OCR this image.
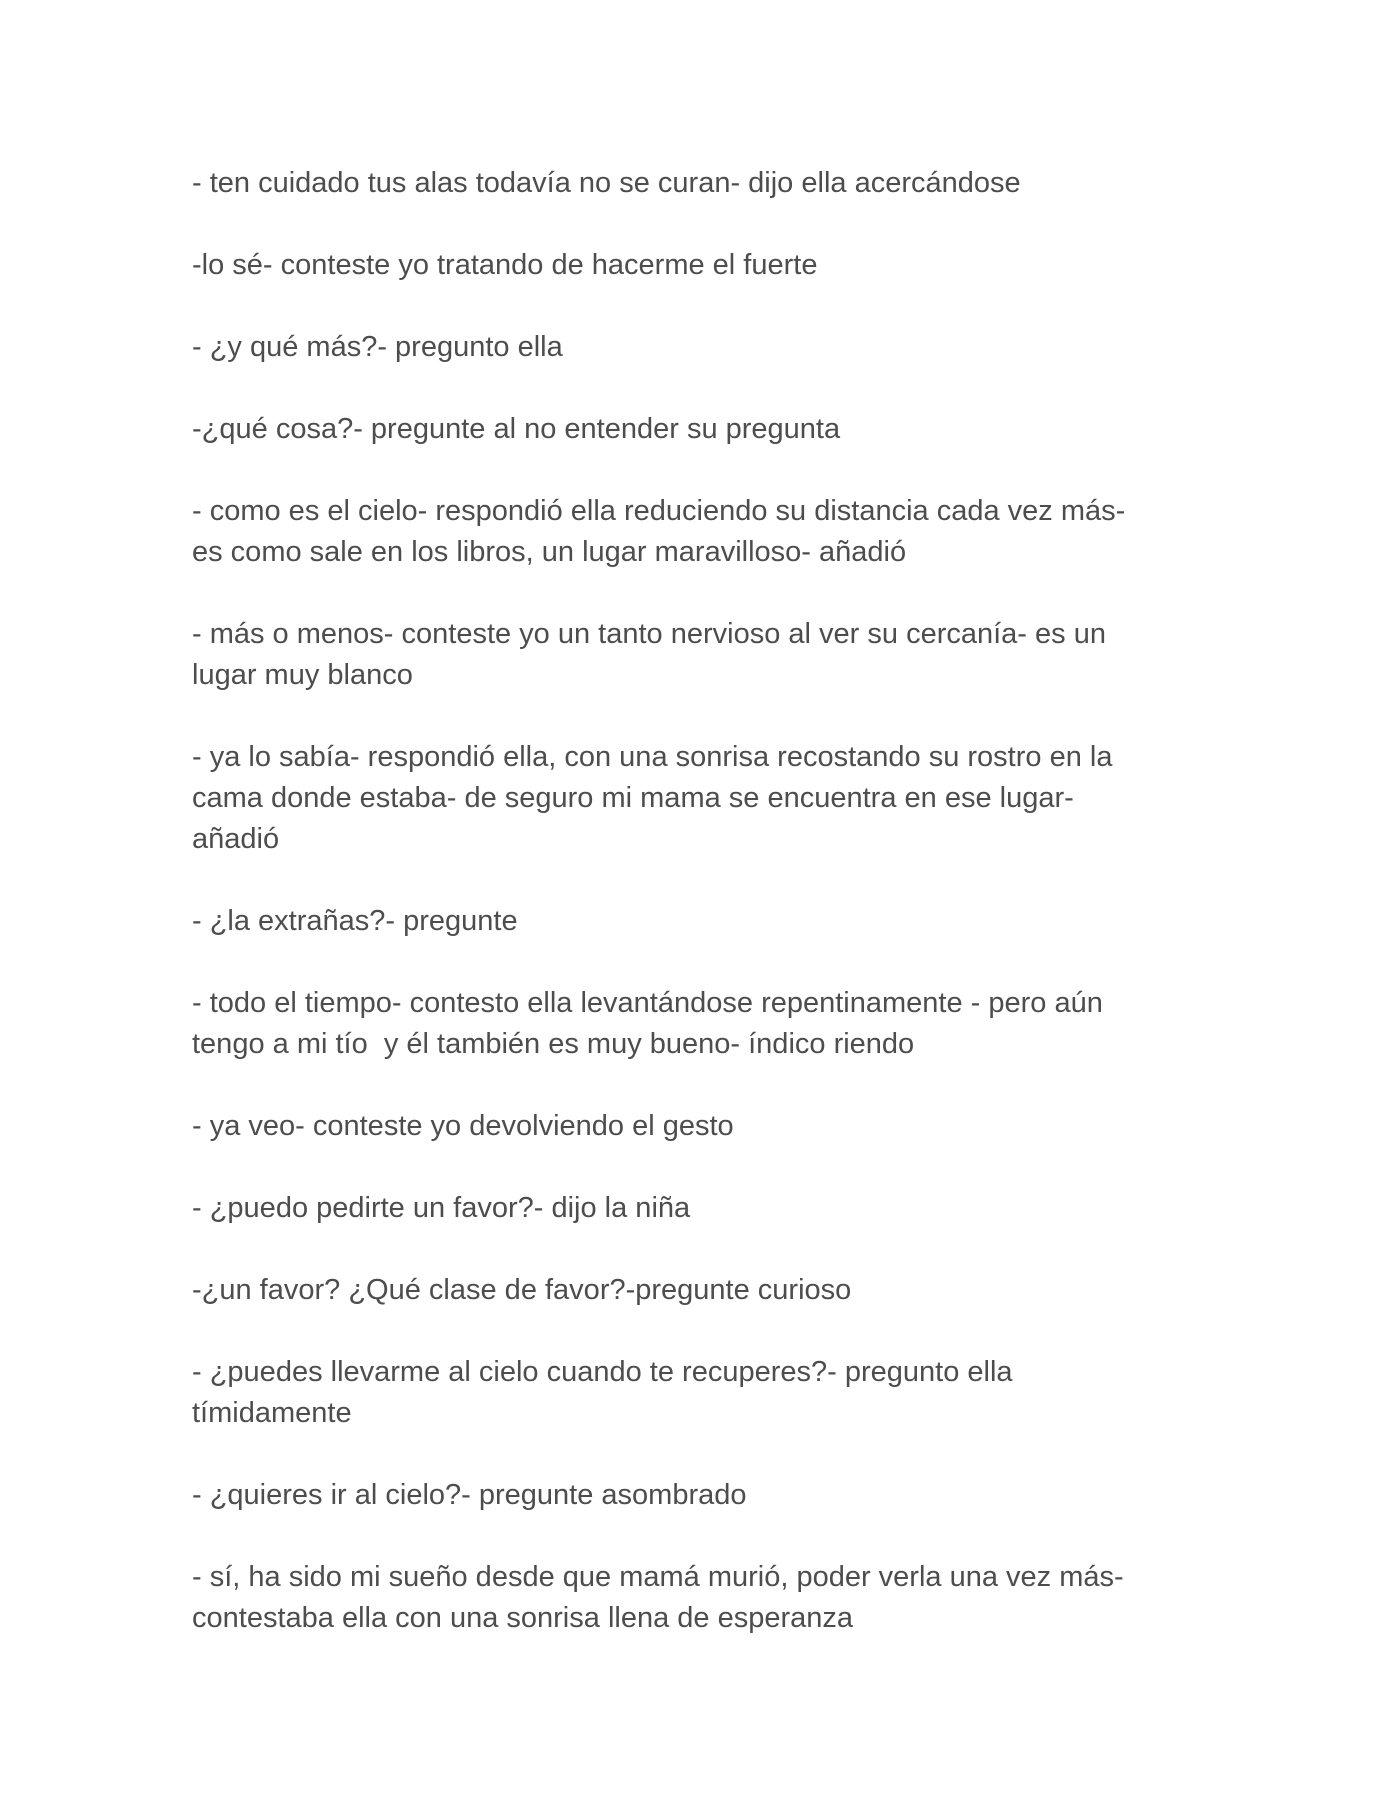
- ten cuidado tus alas todavía no se curan- dijo ella acercándose
-lo sé- conteste yo tratando de hacerme el fuerte
- ¿y qué más?- pregunto ella
-¿qué cosa?- pregunte al no entender su pregunta
- como es el cielo- respondió ella reduciendo su distancia cada vez más-
es como sale en los libros, un lugar maravilloso- añadió
- más o menos- conteste yo un tanto nervioso al ver su cercanía- es un
lugar muy blanco
- ya lo sabía- respondió ella, con una sonrisa recostando su rostro en la
cama donde estaba- de seguro mi mama se encuentra en ese lugar-
añadió
- ¿la extrañas?- pregunte
- todo el tiempo- contesto ella levantándose repentinamente - pero aún
tengo a mi tío  y él también es muy bueno- índico riendo
- ya veo- conteste yo devolviendo el gesto
- ¿puedo pedirte un favor?- dijo la niña
-¿un favor? ¿Qué clase de favor?-pregunte curioso
- ¿puedes llevarme al cielo cuando te recuperes?- pregunto ella
tímidamente
- ¿quieres ir al cielo?- pregunte asombrado
- sí, ha sido mi sueño desde que mamá murió, poder verla una vez más-
contestaba ella con una sonrisa llena de esperanza
